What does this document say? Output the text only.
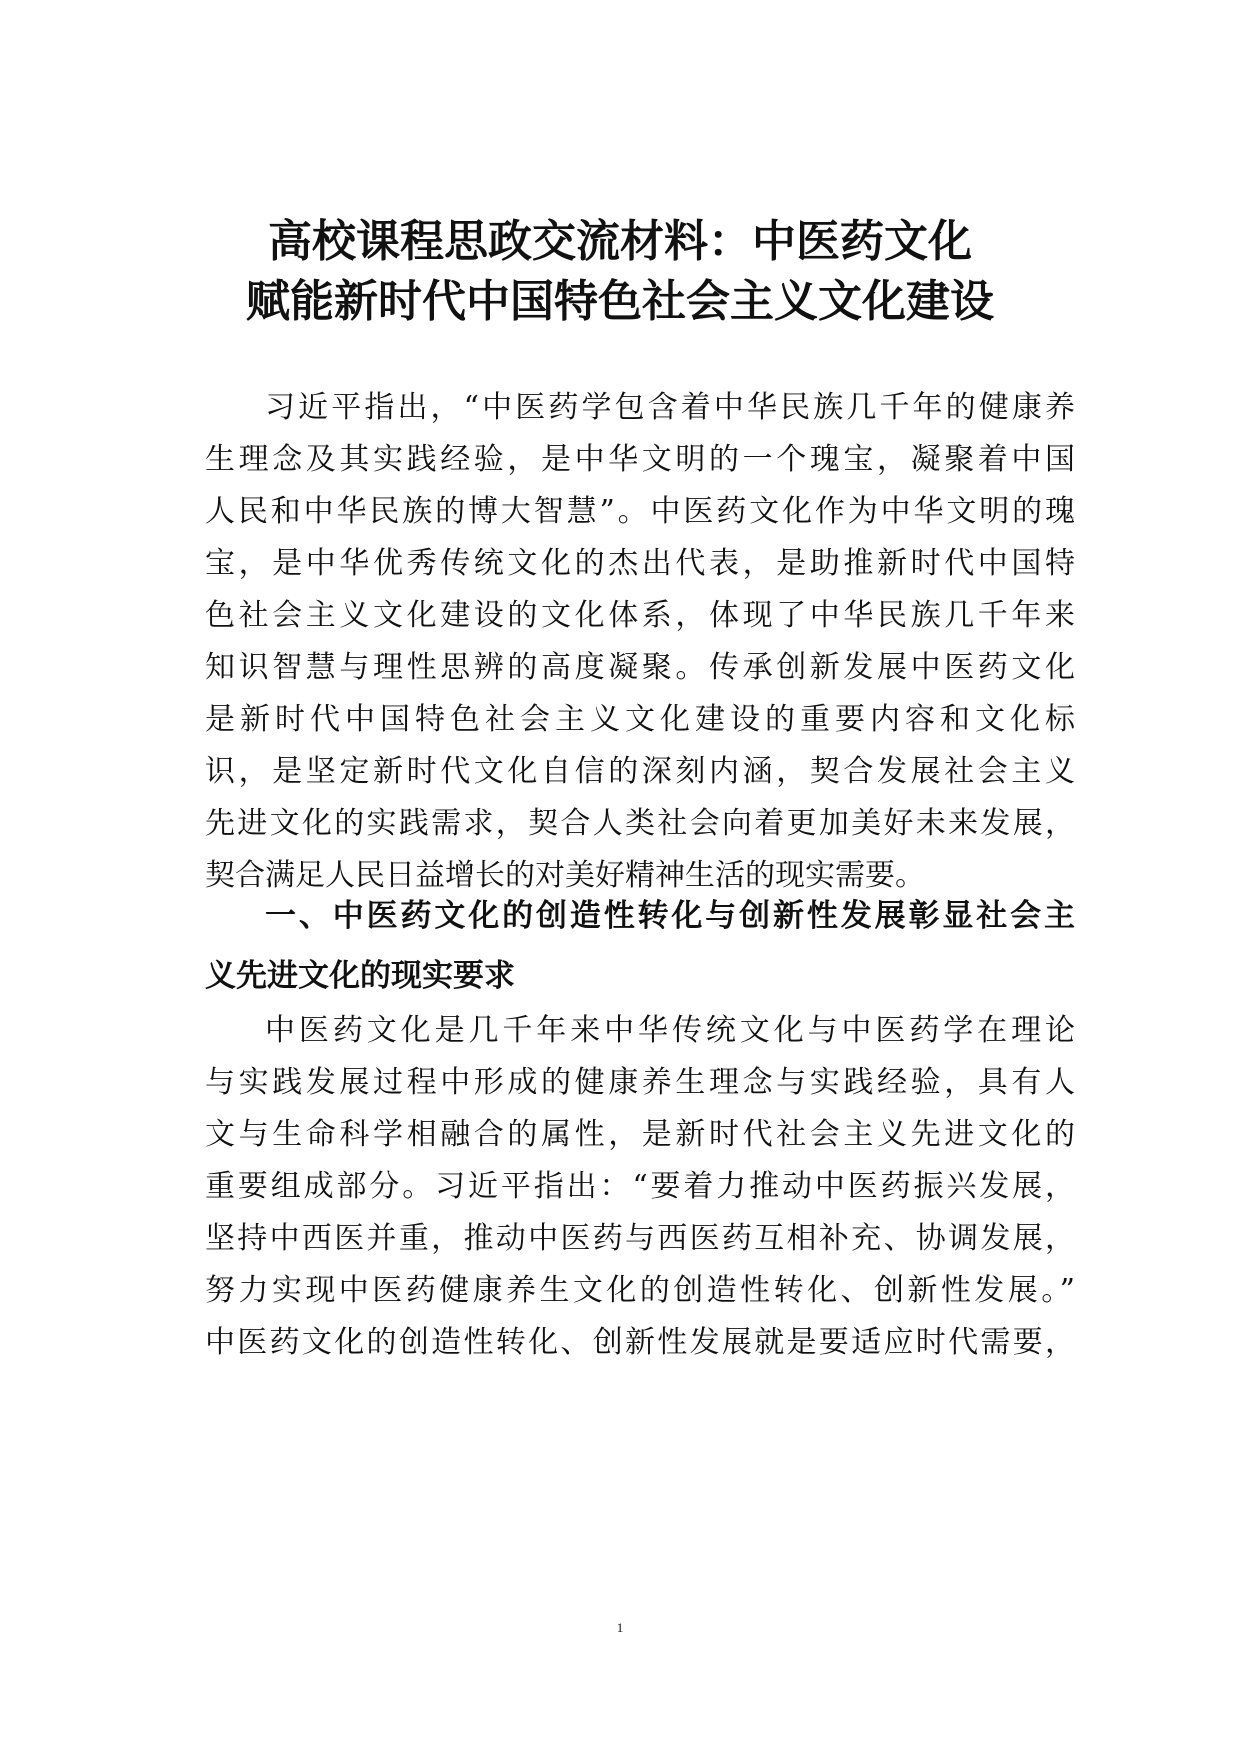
高校课程思政交流材料：中医药文化
赋能新时代中国特色社会主义文化建设

习近平指出，“中医药学包含着中华民族几千年的健康养
生理念及其实践经验，是中华文明的一个瑰宝，凝聚着中国
人民和中华民族的博大智慧”。中医药文化作为中华文明的瑰
宝，是中华优秀传统文化的杰出代表，是助推新时代中国特
色社会主义文化建设的文化体系，体现了中华民族几千年来
知识智慧与理性思辨的高度凝聚。传承创新发展中医药文化
是新时代中国特色社会主义文化建设的重要内容和文化标
识，是坚定新时代文化自信的深刻内涵，契合发展社会主义
先进文化的实践需求，契合人类社会向着更加美好未来发展，
契合满足人民日益增长的对美好精神生活的现实需要。

一、中医药文化的创造性转化与创新性发展彰显社会主
义先进文化的现实要求

中医药文化是几千年来中华传统文化与中医药学在理论
与实践发展过程中形成的健康养生理念与实践经验，具有人
文与生命科学相融合的属性，是新时代社会主义先进文化的
重要组成部分。习近平指出：“要着力推动中医药振兴发展，
坚持中西医并重，推动中医药与西医药互相补充、协调发展，
努力实现中医药健康养生文化的创造性转化、创新性发展。”
中医药文化的创造性转化、创新性发展就是要适应时代需要，

1
